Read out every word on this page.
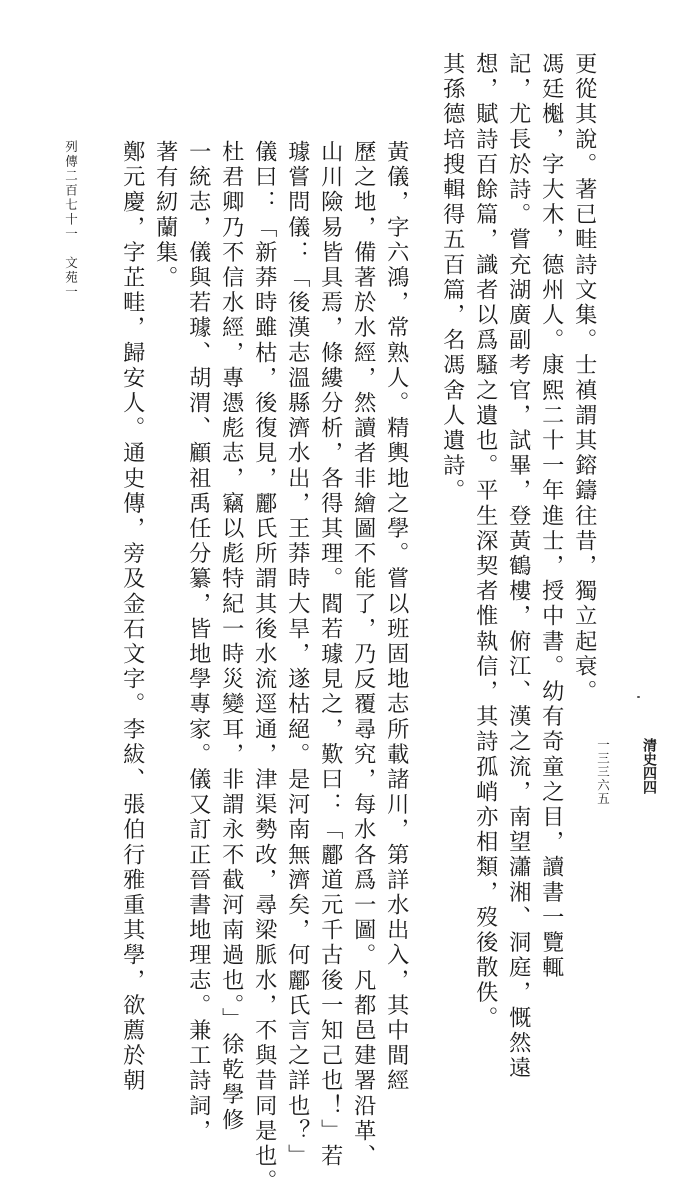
清史四四
更從其說。著已畦詩文集。士禛謂其鎔鑄往昔，獨立起衰。
馮廷櫆，字大木，德州人。康熙二十一年進士，授中書。幼有奇童之目，讀書一覽輒
記，尤長於詩。嘗充湖廣副考官，試畢，登黃鶴樓，俯江、漢之流，南望瀟湘、洞庭，慨然遠
想，賦詩百餘篇，識者以爲騷之遺也。平生深契者惟執信，其詩孤峭亦相類，歿後散佚。
其孫德培搜輯得五百篇，名馮舍人遺詩。
黃儀，字六鴻，常熟人。精輿地之學。嘗以班固地志所載諸川，第詳水出入，其中間經
歷之地，備著於水經，然讀者非繪圖不能了，乃反覆尋究，每水各爲一圖。凡都邑建署沿革、
山川險易皆具焉，條縷分析，各得其理。閻若璩見之，歎曰：「酈道元千古後一知己也！」若
璩嘗問儀：「後漢志溫縣濟水出，王莽時大旱，遂枯絕。是河南無濟矣，何酈氏言之詳也？」
儀曰：「新莽時雖枯，後復見，酈氏所謂其後水流逕通，津渠勢改，尋梁脈水，不與昔同是也。
杜君卿乃不信水經，專憑彪志，竊以彪特紀一時災變耳，非謂永不截河南過也。」徐乾學修
一統志，儀與若璩、胡渭、顧祖禹任分纂，皆地學專家。儀又訂正晉書地理志。兼工詩詞，
著有紉蘭集。
鄭元慶，字芷畦，歸安人。通史傳，旁及金石文字。李紱、張伯行雅重其學，欲薦於朝
列傳二百七十一　文苑一
一三三六五
